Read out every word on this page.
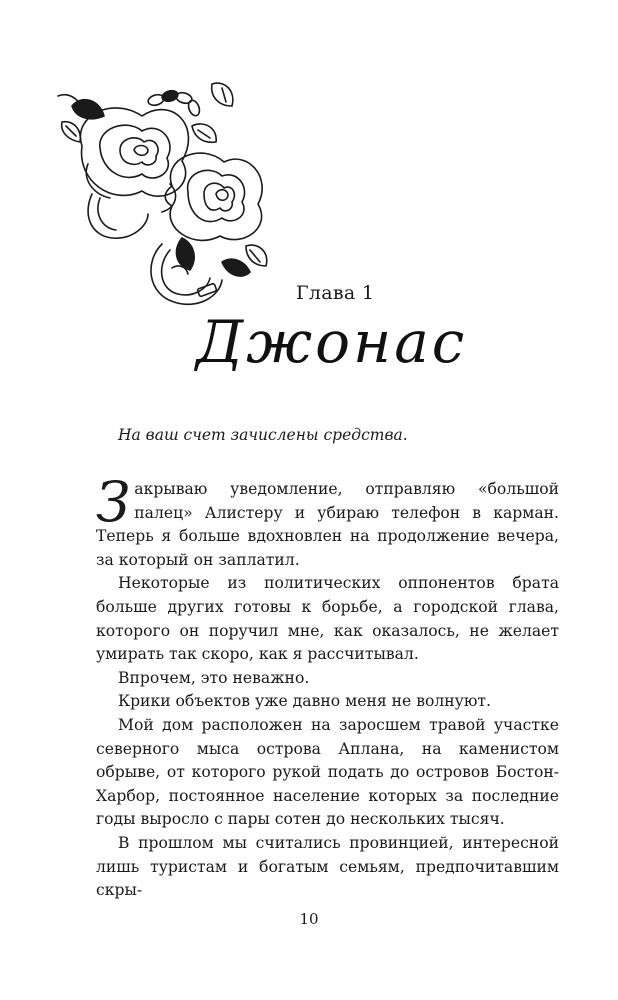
Глава 1
Джонас
На ваш счет зачислены средства.

Закрываю уведомление, отправляю «большой палец» Алистеру и убираю телефон в карман. Теперь я больше вдохновлен на продолжение вечера, за который он заплатил.

Некоторые из политических оппонентов брата больше других готовы к борьбе, а городской глава, которого он поручил мне, как оказалось, не желает умирать так скоро, как я рассчитывал.

Впрочем, это неважно.

Крики объектов уже давно меня не волнуют.

Мой дом расположен на заросшем травой участке северного мыса острова Аплана, на каменистом обрыве, от которого рукой подать до островов Бостон-Харбор, постоянное население которых за последние годы выросло с пары сотен до нескольких тысяч.

В прошлом мы считались провинцией, интересной лишь туристам и богатым семьям, предпочитавшим скры-

10
